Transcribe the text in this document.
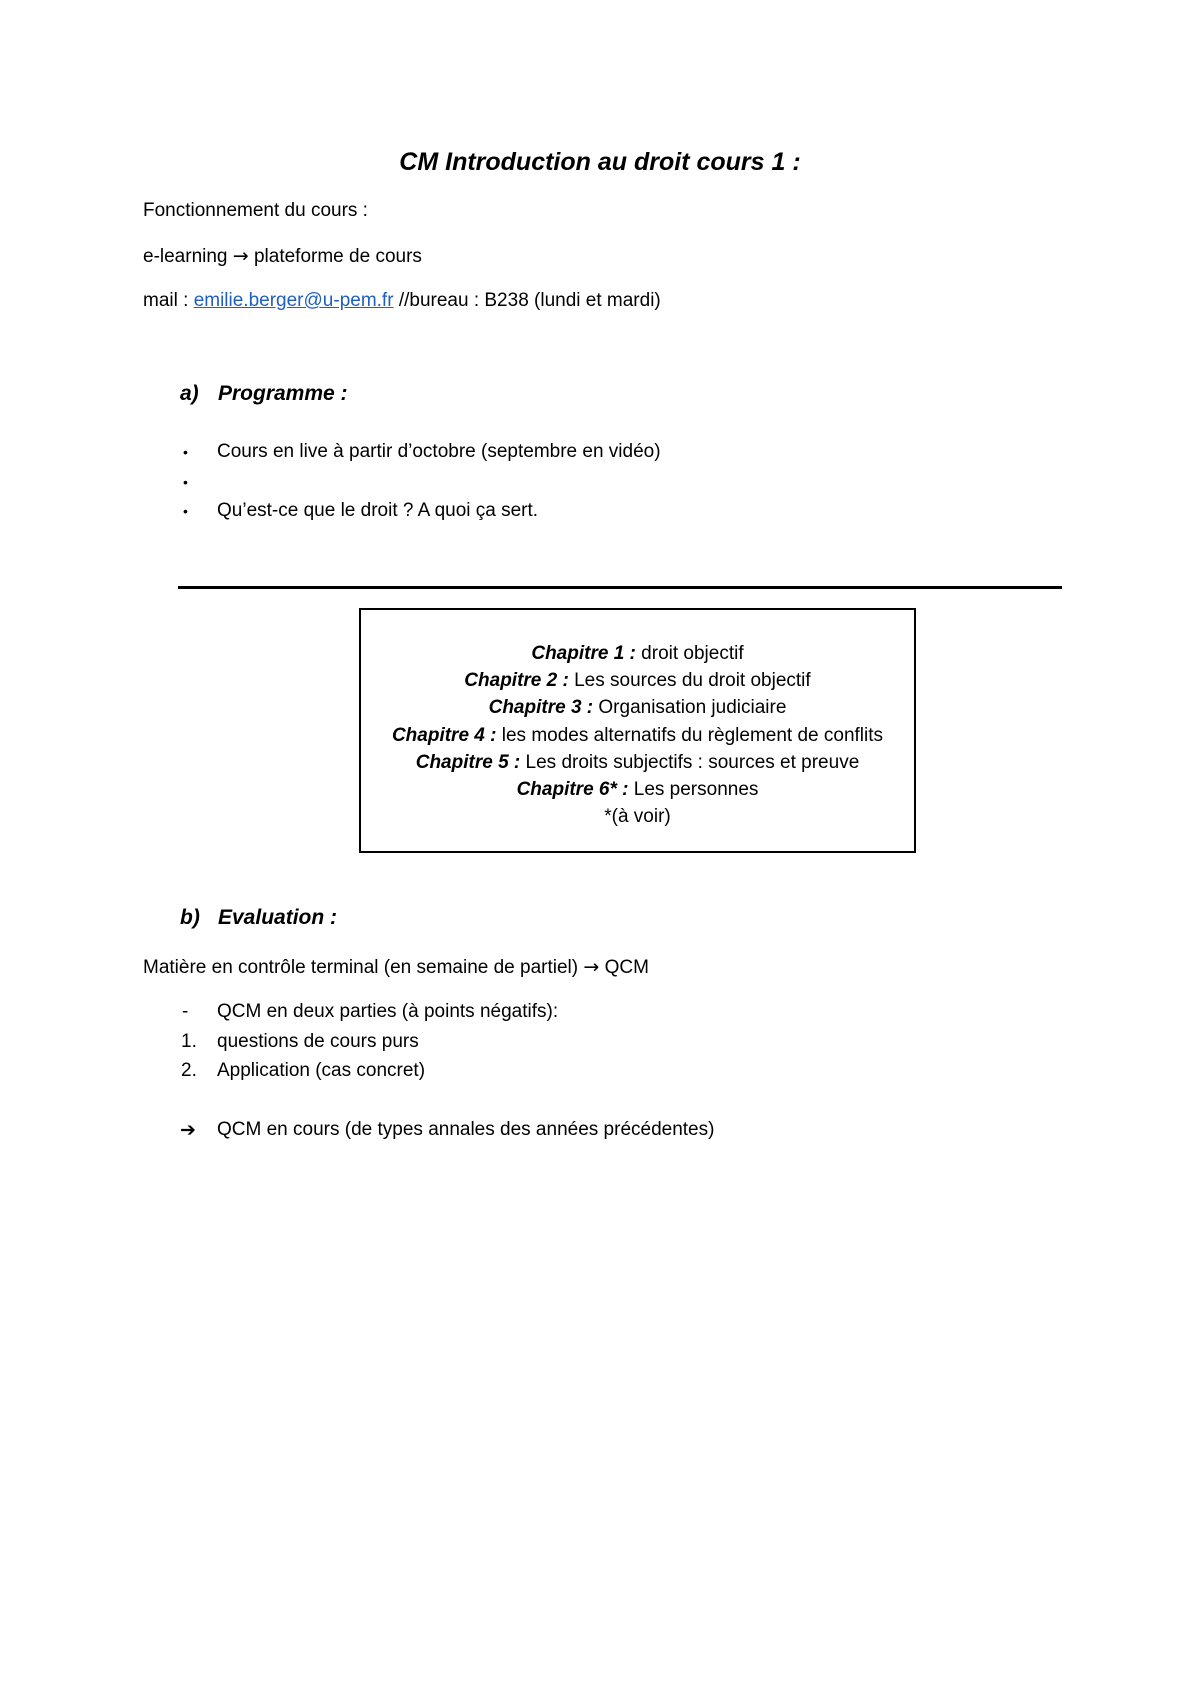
CM Introduction au droit cours 1 :
Fonctionnement du cours :
e-learning → plateforme de cours
mail : emilie.berger@u-pem.fr //bureau : B238 (lundi et mardi)
a) Programme :
• Cours en live à partir d’octobre (septembre en vidéo)
•
• Qu’est-ce que le droit ? A quoi ça sert.
Chapitre 1 : droit objectif
Chapitre 2 : Les sources du droit objectif
Chapitre 3 : Organisation judiciaire
Chapitre 4 : les modes alternatifs du règlement de conflits
Chapitre 5 : Les droits subjectifs : sources et preuve
Chapitre 6* : Les personnes
*(à voir)
b) Evaluation :
Matière en contrôle terminal (en semaine de partiel) → QCM
- QCM en deux parties (à points négatifs):
1. questions de cours purs
2. Application (cas concret)
➔ QCM en cours (de types annales des années précédentes)
